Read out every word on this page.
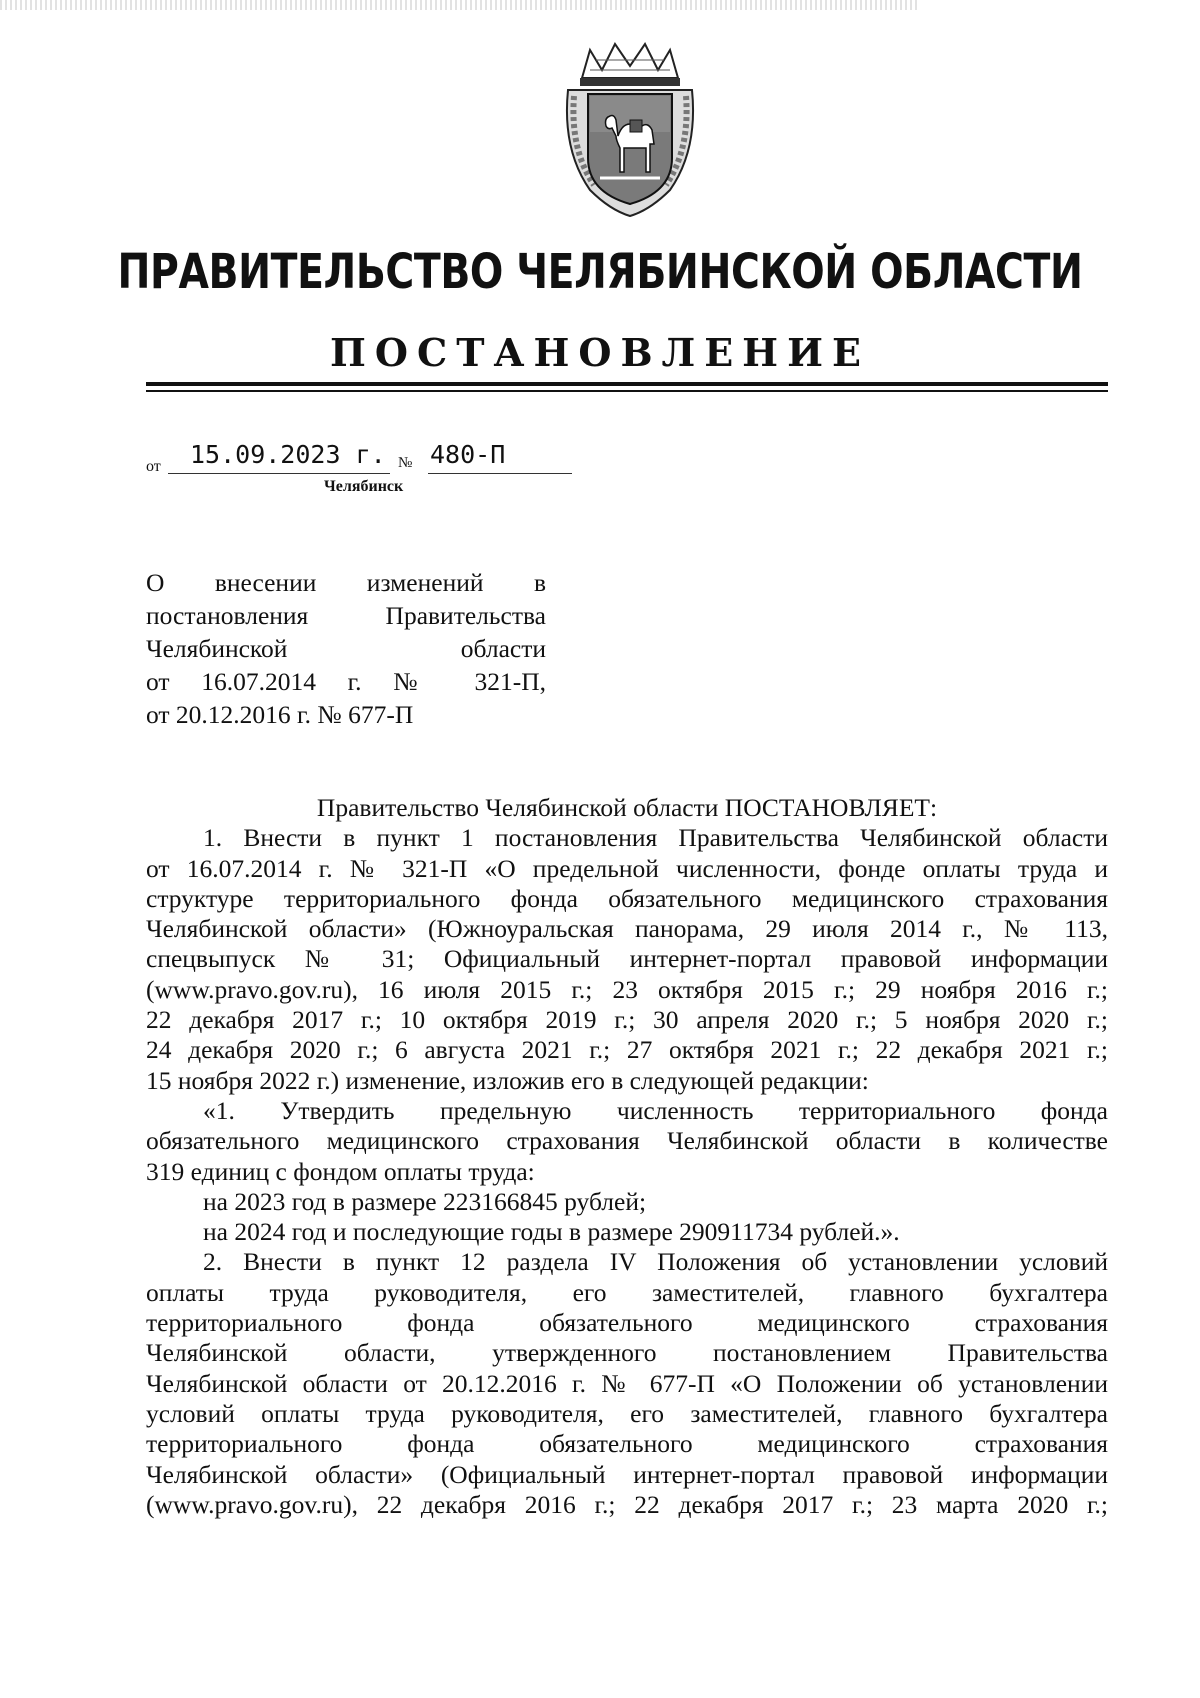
ПРАВИТЕЛЬСТВО ЧЕЛЯБИНСКОЙ ОБЛАСТИ
ПОСТАНОВЛЕНИЕ
от 15.09.2023 г. № 480-П
Челябинск
О внесении изменений в
постановления Правительства
Челябинской области
от 16.07.2014 г. № 321-П,
от 20.12.2016 г. № 677-П
Правительство Челябинской области ПОСТАНОВЛЯЕТ:
1. Внести в пункт 1 постановления Правительства Челябинской области
от 16.07.2014 г. № 321-П «О предельной численности, фонде оплаты труда и
структуре территориального фонда обязательного медицинского страхования
Челябинской области» (Южноуральская панорама, 29 июля 2014 г., № 113,
спецвыпуск № 31; Официальный интернет-портал правовой информации
(www.pravo.gov.ru), 16 июля 2015 г.; 23 октября 2015 г.; 29 ноября 2016 г.;
22 декабря 2017 г.; 10 октября 2019 г.; 30 апреля 2020 г.; 5 ноября 2020 г.;
24 декабря 2020 г.; 6 августа 2021 г.; 27 октября 2021 г.; 22 декабря 2021 г.;
15 ноября 2022 г.) изменение, изложив его в следующей редакции:
«1. Утвердить предельную численность территориального фонда
обязательного медицинского страхования Челябинской области в количестве
319 единиц с фондом оплаты труда:
на 2023 год в размере 223166845 рублей;
на 2024 год и последующие годы в размере 290911734 рублей.».
2. Внести в пункт 12 раздела IV Положения об установлении условий
оплаты труда руководителя, его заместителей, главного бухгалтера
территориального фонда обязательного медицинского страхования
Челябинской области, утвержденного постановлением Правительства
Челябинской области от 20.12.2016 г. № 677-П «О Положении об установлении
условий оплаты труда руководителя, его заместителей, главного бухгалтера
территориального фонда обязательного медицинского страхования
Челябинской области» (Официальный интернет-портал правовой информации
(www.pravo.gov.ru), 22 декабря 2016 г.; 22 декабря 2017 г.; 23 марта 2020 г.;
